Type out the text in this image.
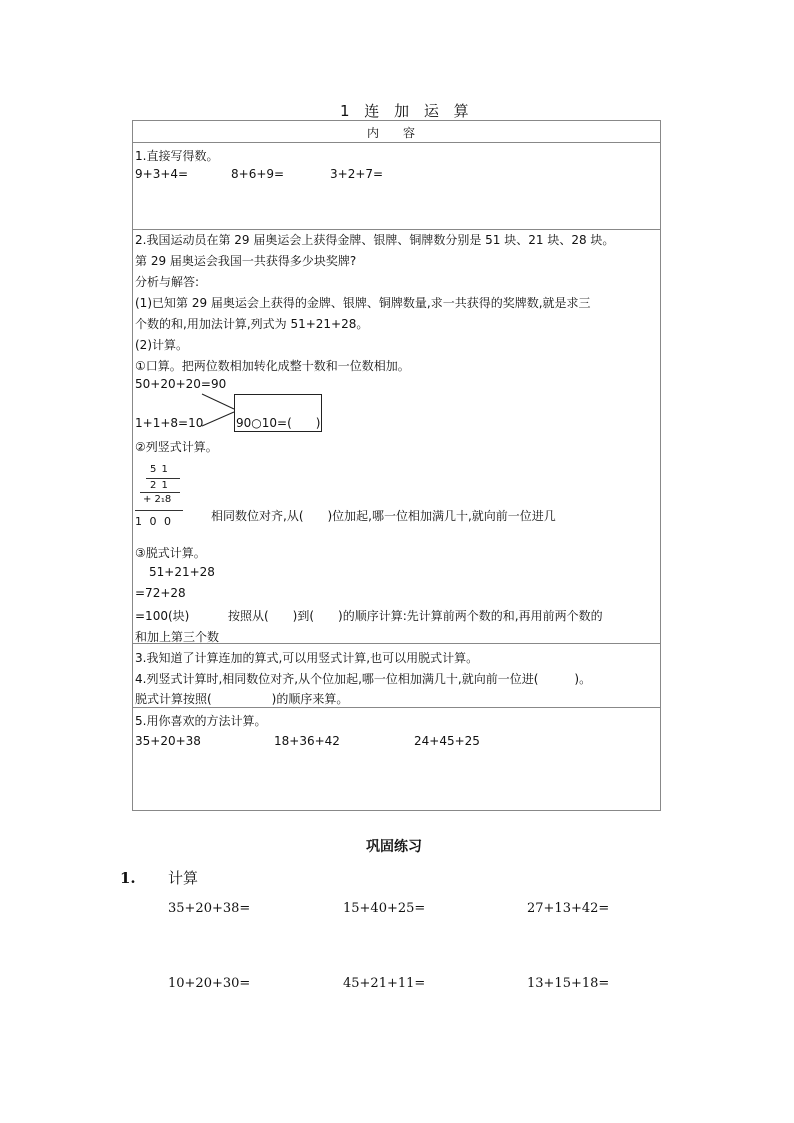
1 连 加 运 算
内　　容
1.直接写得数。
9+3+4=	8+6+9=	3+2+7=
2.我国运动员在第 29 届奥运会上获得金牌、银牌、铜牌数分别是 51 块、21 块、28 块。
第 29 届奥运会我国一共获得多少块奖牌?
分析与解答:
(1)已知第 29 届奥运会上获得的金牌、银牌、铜牌数量,求一共获得的奖牌数,就是求三
个数的和,用加法计算,列式为 51+21+28。
(2)计算。
①口算。把两位数相加转化成整十数和一位数相加。
50+20+20=90
1+1+8=10	90○10=(　　)
②列竖式计算。
5 1
2 1
+ 2₁8
1 0 0	相同数位对齐,从(　　)位加起,哪一位相加满几十,就向前一位进几
③脱式计算。
51+21+28
=72+28
=100(块)	按照从(　　)到(　　)的顺序计算:先计算前两个数的和,再用前两个数的
和加上第三个数
3.我知道了计算连加的算式,可以用竖式计算,也可以用脱式计算。
4.列竖式计算时,相同数位对齐,从个位加起,哪一位相加满几十,就向前一位进(　　　)。
脱式计算按照(　　　　　)的顺序来算。
5.用你喜欢的方法计算。
35+20+38	18+36+42	24+45+25
巩固练习
1. 计算
35+20+38=	15+40+25=	27+13+42=
10+20+30=	45+21+11=	13+15+18=
